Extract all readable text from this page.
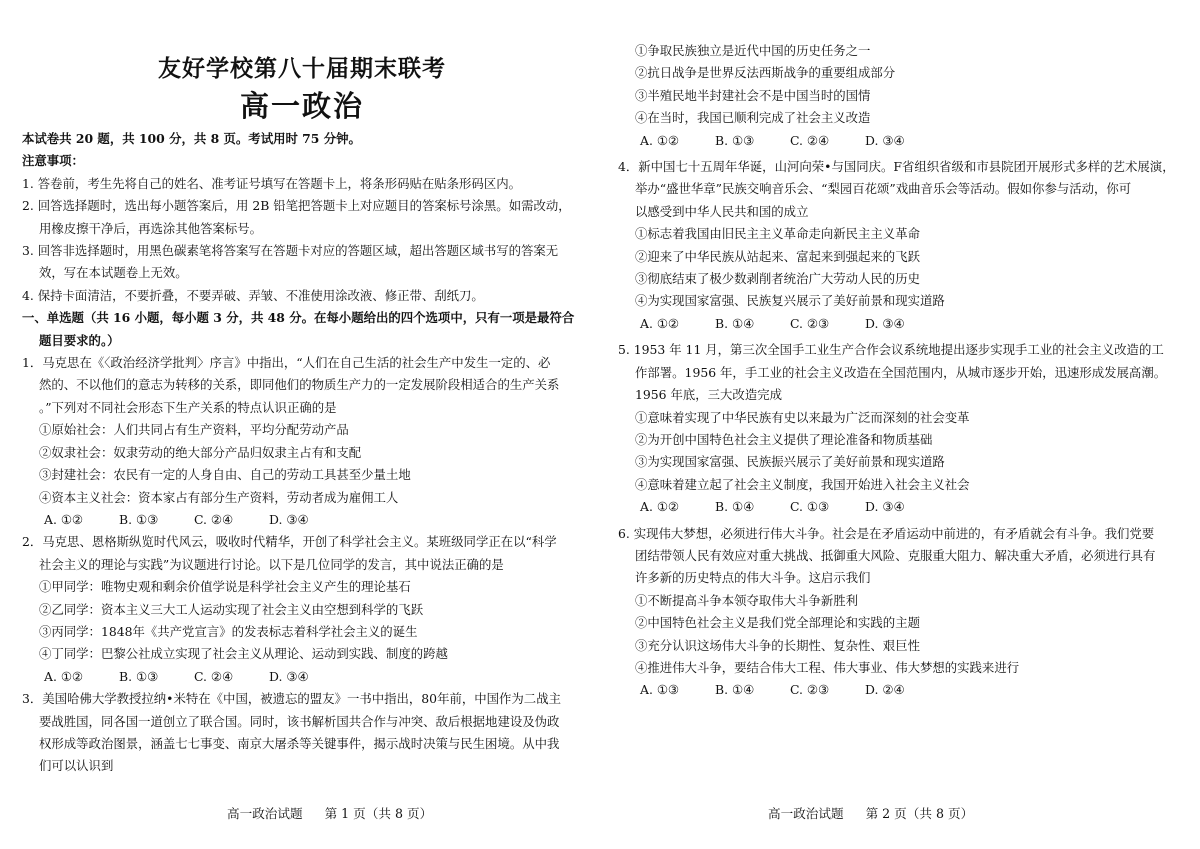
友好学校第八十届期末联考
高一政治
本试卷共 20 题，共 100 分，共 8 页。考试用时 75 分钟。
注意事项：
1. 答卷前，考生先将自己的姓名、准考证号填写在答题卡上，将条形码贴在贴条形码区内。
2. 回答选择题时，选出每小题答案后，用 2B 铅笔把答题卡上对应题目的答案标号涂黑。如需改动，
用橡皮擦干净后，再选涂其他答案标号。
3. 回答非选择题时，用黑色碳素笔将答案写在答题卡对应的答题区域，超出答题区域书写的答案无
效，写在本试题卷上无效。
4. 保持卡面清洁，不要折叠，不要弄破、弄皱、不准使用涂改液、修正带、刮纸刀。
一、单选题（共 16 小题，每小题 3 分，共 48 分。在每小题给出的四个选项中，只有一项是最符合
题目要求的。）
1．马克思在《〈政治经济学批判〉序言》中指出，“人们在自己生活的社会生产中发生一定的、必
然的、不以他们的意志为转移的关系，即同他们的物质生产力的一定发展阶段相适合的生产关系
。”下列对不同社会形态下生产关系的特点认识正确的是
①原始社会：人们共同占有生产资料，平均分配劳动产品
②奴隶社会：奴隶劳动的绝大部分产品归奴隶主占有和支配
③封建社会：农民有一定的人身自由、自己的劳动工具甚至少量土地
④资本主义社会：资本家占有部分生产资料，劳动者成为雇佣工人
A. ①②	B. ①③	C. ②④	D. ③④
2．马克思、恩格斯纵览时代风云，吸收时代精华，开创了科学社会主义。某班级同学正在以“科学
社会主义的理论与实践”为议题进行讨论。以下是几位同学的发言，其中说法正确的是
①甲同学：唯物史观和剩余价值学说是科学社会主义产生的理论基石
②乙同学：资本主义三大工人运动实现了社会主义由空想到科学的飞跃
③丙同学：1848年《共产党宣言》的发表标志着科学社会主义的诞生
④丁同学：巴黎公社成立实现了社会主义从理论、运动到实践、制度的跨越
A. ①②	B. ①③	C. ②④	D. ③④
3．美国哈佛大学教授拉纳•米特在《中国，被遗忘的盟友》一书中指出，80年前，中国作为二战主
要战胜国，同各国一道创立了联合国。同时，该书解析国共合作与冲突、敌后根据地建设及伪政
权形成等政治图景，涵盖七七事变、南京大屠杀等关键事件，揭示战时决策与民生困境。从中我
们可以认识到
高一政治试题 第 1 页（共 8 页）
①争取民族独立是近代中国的历史任务之一
②抗日战争是世界反法西斯战争的重要组成部分
③半殖民地半封建社会不是中国当时的国情
④在当时，我国已顺利完成了社会主义改造
A. ①②	B. ①③	C. ②④	D. ③④
4．新中国七十五周年华诞，山河向荣•与国同庆。F省组织省级和市县院团开展形式多样的艺术展演，
举办“盛世华章”民族交响音乐会、“梨园百花颂”戏曲音乐会等活动。假如你参与活动，你可
以感受到中华人民共和国的成立
①标志着我国由旧民主主义革命走向新民主主义革命
②迎来了中华民族从站起来、富起来到强起来的飞跃
③彻底结束了极少数剥削者统治广大劳动人民的历史
④为实现国家富强、民族复兴展示了美好前景和现实道路
A. ①②	B. ①④	C. ②③	D. ③④
5. 1953 年 11 月，第三次全国手工业生产合作会议系统地提出逐步实现手工业的社会主义改造的工
作部署。1956 年，手工业的社会主义改造在全国范围内，从城市逐步开始，迅速形成发展高潮。
1956 年底，三大改造完成
①意味着实现了中华民族有史以来最为广泛而深刻的社会变革
②为开创中国特色社会主义提供了理论准备和物质基础
③为实现国家富强、民族振兴展示了美好前景和现实道路
④意味着建立起了社会主义制度，我国开始进入社会主义社会
A. ①②	B. ①④	C. ①③	D. ③④
6. 实现伟大梦想，必须进行伟大斗争。社会是在矛盾运动中前进的，有矛盾就会有斗争。我们党要
团结带领人民有效应对重大挑战、抵御重大风险、克服重大阻力、解决重大矛盾，必须进行具有
许多新的历史特点的伟大斗争。这启示我们
①不断提高斗争本领夺取伟大斗争新胜利
②中国特色社会主义是我们党全部理论和实践的主题
③充分认识这场伟大斗争的长期性、复杂性、艰巨性
④推进伟大斗争，要结合伟大工程、伟大事业、伟大梦想的实践来进行
A. ①③	B. ①④	C. ②③	D. ②④
高一政治试题 第 2 页（共 8 页）
